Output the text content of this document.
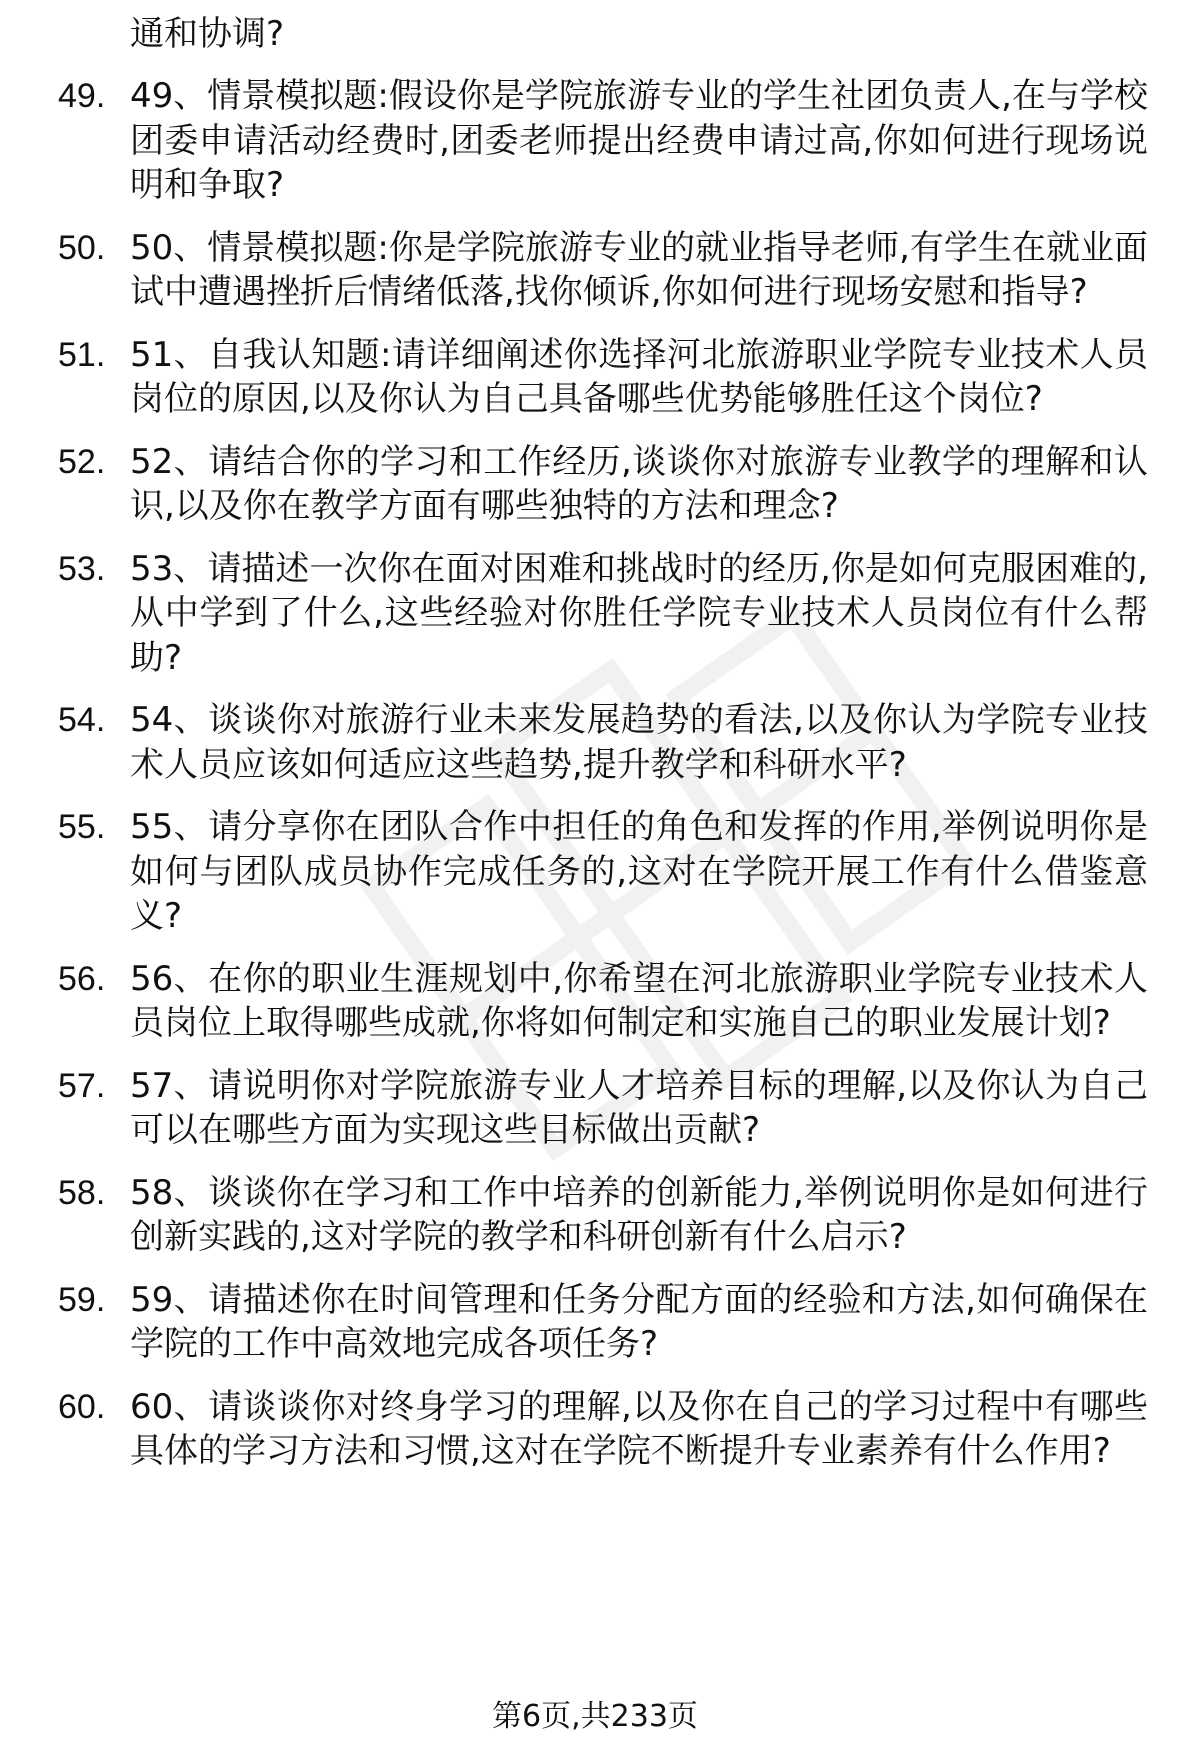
通和协调?
49. 49、情景模拟题:假设你是学院旅游专业的学生社团负责人,在与学校团委申请活动经费时,团委老师提出经费申请过高,你如何进行现场说明和争取?
50. 50、情景模拟题:你是学院旅游专业的就业指导老师,有学生在就业面试中遭遇挫折后情绪低落,找你倾诉,你如何进行现场安慰和指导?
51. 51、自我认知题:请详细阐述你选择河北旅游职业学院专业技术人员岗位的原因,以及你认为自己具备哪些优势能够胜任这个岗位?
52. 52、请结合你的学习和工作经历,谈谈你对旅游专业教学的理解和认识,以及你在教学方面有哪些独特的方法和理念?
53. 53、请描述一次你在面对困难和挑战时的经历,你是如何克服困难的,从中学到了什么,这些经验对你胜任学院专业技术人员岗位有什么帮助?
54. 54、谈谈你对旅游行业未来发展趋势的看法,以及你认为学院专业技术人员应该如何适应这些趋势,提升教学和科研水平?
55. 55、请分享你在团队合作中担任的角色和发挥的作用,举例说明你是如何与团队成员协作完成任务的,这对在学院开展工作有什么借鉴意义?
56. 56、在你的职业生涯规划中,你希望在河北旅游职业学院专业技术人员岗位上取得哪些成就,你将如何制定和实施自己的职业发展计划?
57. 57、请说明你对学院旅游专业人才培养目标的理解,以及你认为自己可以在哪些方面为实现这些目标做出贡献?
58. 58、谈谈你在学习和工作中培养的创新能力,举例说明你是如何进行创新实践的,这对学院的教学和科研创新有什么启示?
59. 59、请描述你在时间管理和任务分配方面的经验和方法,如何确保在学院的工作中高效地完成各项任务?
60. 60、请谈谈你对终身学习的理解,以及你在自己的学习过程中有哪些具体的学习方法和习惯,这对在学院不断提升专业素养有什么作用?
第6页,共233页
